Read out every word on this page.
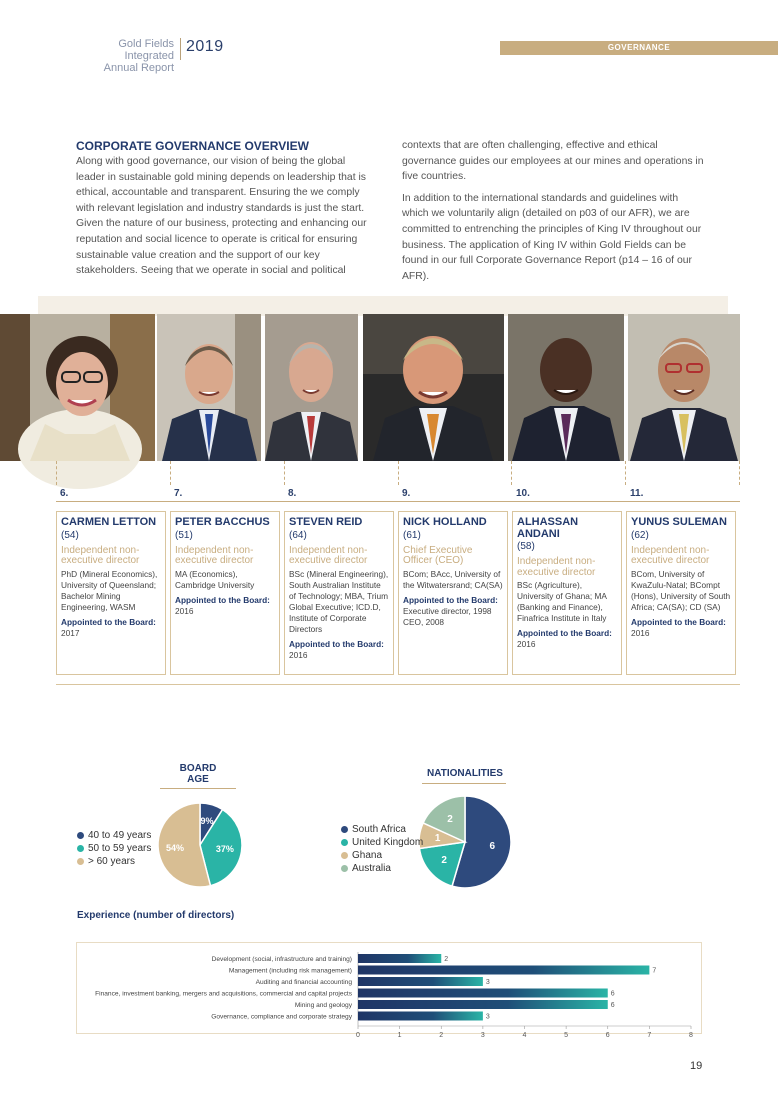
Gold Fields Integrated
Annual Report
2019	GOVERNANCE
CORPORATE GOVERNANCE OVERVIEW
Along with good governance, our vision of being the global leader in sustainable gold mining depends on leadership that is ethical, accountable and transparent. Ensuring the we comply with relevant legislation and industry standards is just the start. Given the nature of our business, protecting and enhancing our reputation and social licence to operate is critical for ensuring sustainable value creation and the support of our key stakeholders. Seeing that we operate in social and political

contexts that are often challenging, effective and ethical governance guides our employees at our mines and operations in five countries.

In addition to the international standards and guidelines with which we voluntarily align (detailed on p03 of our AFR), we are committed to entrenching the principles of King IV throughout our business. The application of King IV within Gold Fields can be found in our full Corporate Governance Report (p14 – 16 of our AFR).

6.	7.	8.	9.	10.	11.
CARMEN LETTON
(54)
Independent non-executive director
PhD (Mineral Economics), University of Queensland; Bachelor Mining Engineering, WASM
Appointed to the Board:
2017
PETER BACCHUS
(51)
Independent non-executive director
MA (Economics), Cambridge University
Appointed to the Board:
2016
STEVEN REID
(64)
Independent non-executive director
BSc (Mineral Engineering), South Australian Institute of Technology; MBA, Trium Global Executive; ICD.D, Institute of Corporate Directors
Appointed to the Board:
2016
NICK HOLLAND
(61)
Chief Executive Officer (CEO)
BCom; BAcc, University of the Witwatersrand; CA(SA)
Appointed to the Board:
Executive director, 1998 CEO, 2008
ALHASSAN ANDANI
(58)
Independent non-executive director
BSc (Agriculture), University of Ghana; MA (Banking and Finance), Finafrica Institute in Italy
Appointed to the Board:
2016
YUNUS SULEMAN
(62)
Independent non-executive director
BCom, University of KwaZulu-Natal; BCompt (Hons), University of South Africa; CA(SA); CD (SA)
Appointed to the Board:
2016
BOARD AGE
9%
37%
54%
40 to 49 years
50 to 59 years
> 60 years
NATIONALITIES
6
2
1
2
South Africa
United Kingdom
Ghana
Australia
Experience (number of directors)
Development (social, infrastructure and training)	2
Management (including risk management)	7
Auditing and financial accounting	3
Finance, investment banking, mergers and acquisitions, commercial and capital projects	6
Mining and geology	6
Governance, compliance and corporate strategy	3
0	1	2	3	4	5	6	7	8
19
